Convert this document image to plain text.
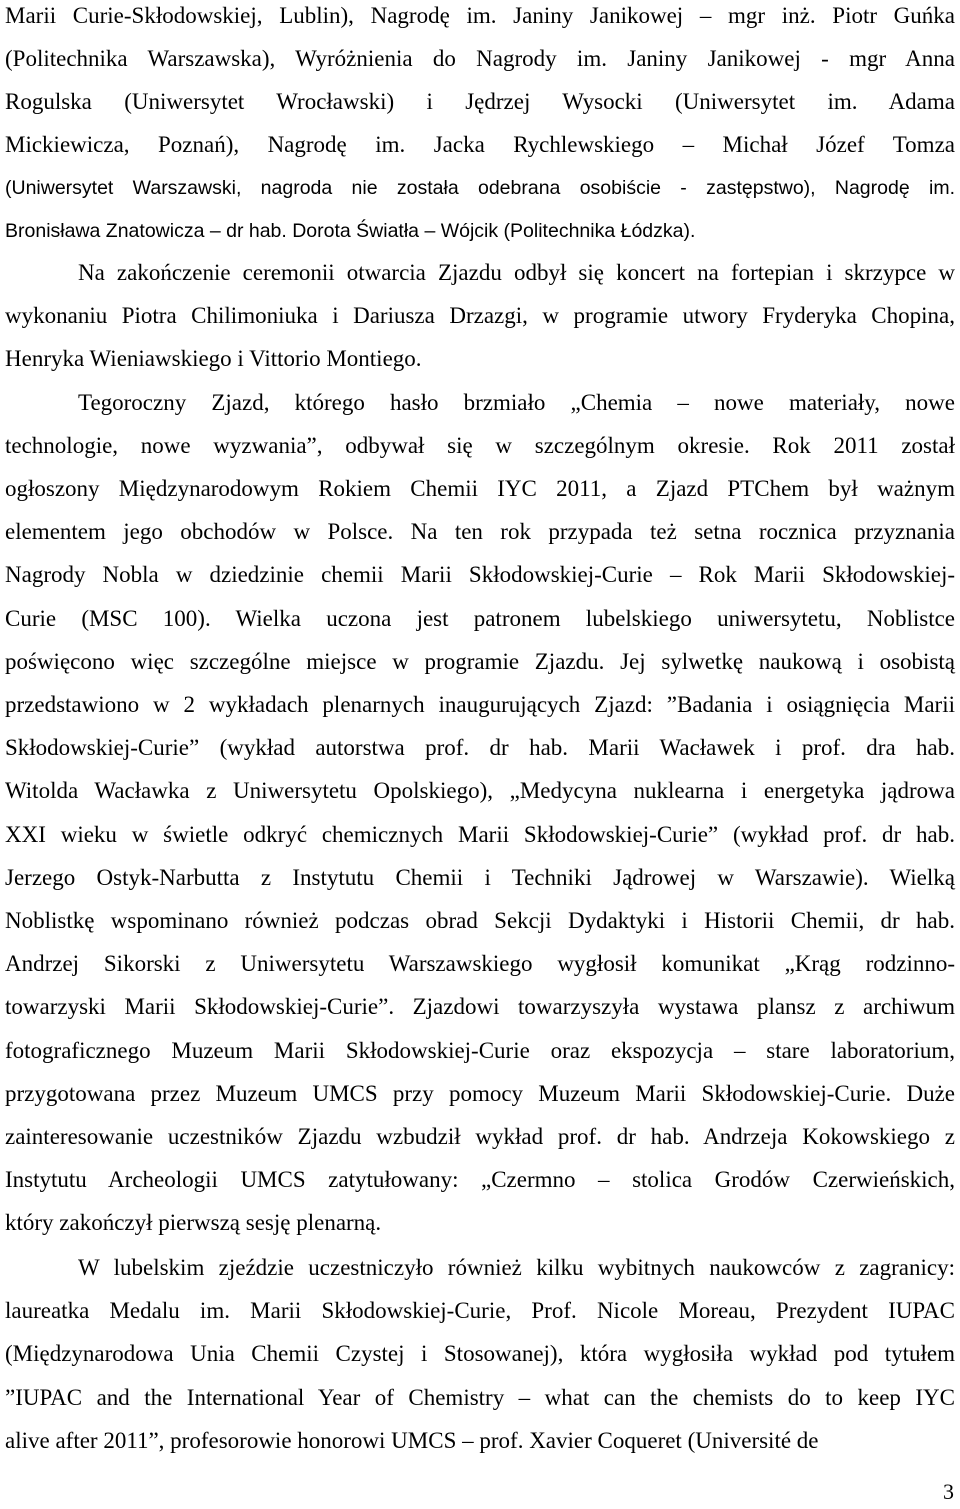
Marii Curie-Skłodowskiej, Lublin), Nagrodę im. Janiny Janikowej – mgr inż. Piotr Guńka
(Politechnika Warszawska), Wyróżnienia do Nagrody im. Janiny Janikowej - mgr Anna
Rogulska (Uniwersytet Wrocławski) i Jędrzej Wysocki (Uniwersytet im. Adama
Mickiewicza, Poznań), Nagrodę im. Jacka Rychlewskiego – Michał Józef Tomza
(Uniwersytet Warszawski, nagroda nie została odebrana osobiście - zastępstwo), Nagrodę im.
Bronisława Znatowicza – dr hab. Dorota Światła – Wójcik (Politechnika Łódzka).
Na zakończenie ceremonii otwarcia Zjazdu odbył się koncert na fortepian i skrzypce w
wykonaniu Piotra Chilimoniuka i Dariusza Drzazgi, w programie utwory Fryderyka Chopina,
Henryka Wieniawskiego i Vittorio Montiego.
Tegoroczny Zjazd, którego hasło brzmiało „Chemia – nowe materiały, nowe
technologie, nowe wyzwania”, odbywał się w szczególnym okresie. Rok 2011 został
ogłoszony Międzynarodowym Rokiem Chemii IYC 2011, a Zjazd PTChem był ważnym
elementem jego obchodów w Polsce. Na ten rok przypada też setna rocznica przyznania
Nagrody Nobla w dziedzinie chemii Marii Skłodowskiej-Curie – Rok Marii Skłodowskiej-
Curie (MSC 100). Wielka uczona jest patronem lubelskiego uniwersytetu, Noblistce
poświęcono więc szczególne miejsce w programie Zjazdu. Jej sylwetkę naukową i osobistą
przedstawiono w 2 wykładach plenarnych inaugurujących Zjazd: ”Badania i osiągnięcia Marii
Skłodowskiej-Curie” (wykład autorstwa prof. dr hab. Marii Wacławek i prof. dra hab.
Witolda Wacławka z Uniwersytetu Opolskiego), „Medycyna nuklearna i energetyka jądrowa
XXI wieku w świetle odkryć chemicznych Marii Skłodowskiej-Curie” (wykład prof. dr hab.
Jerzego Ostyk-Narbutta z Instytutu Chemii i Techniki Jądrowej w Warszawie). Wielką
Noblistkę wspominano również podczas obrad Sekcji Dydaktyki i Historii Chemii, dr hab.
Andrzej Sikorski z Uniwersytetu Warszawskiego wygłosił komunikat „Krąg rodzinno-
towarzyski Marii Skłodowskiej-Curie”. Zjazdowi towarzyszyła wystawa plansz z archiwum
fotograficznego Muzeum Marii Skłodowskiej-Curie oraz ekspozycja – stare laboratorium,
przygotowana przez Muzeum UMCS przy pomocy Muzeum Marii Skłodowskiej-Curie. Duże
zainteresowanie uczestników Zjazdu wzbudził wykład prof. dr hab. Andrzeja Kokowskiego z
Instytutu Archeologii UMCS zatytułowany: „Czermno – stolica Grodów Czerwieńskich,
który zakończył pierwszą sesję plenarną.
W lubelskim zjeździe uczestniczyło również kilku wybitnych naukowców z zagranicy:
laureatka Medalu im. Marii Skłodowskiej-Curie, Prof. Nicole Moreau, Prezydent IUPAC
(Międzynarodowa Unia Chemii Czystej i Stosowanej), która wygłosiła wykład pod tytułem
”IUPAC and the International Year of Chemistry – what can the chemists do to keep IYC
alive after 2011”, profesorowie honorowi UMCS – prof. Xavier Coqueret (Université de
3
